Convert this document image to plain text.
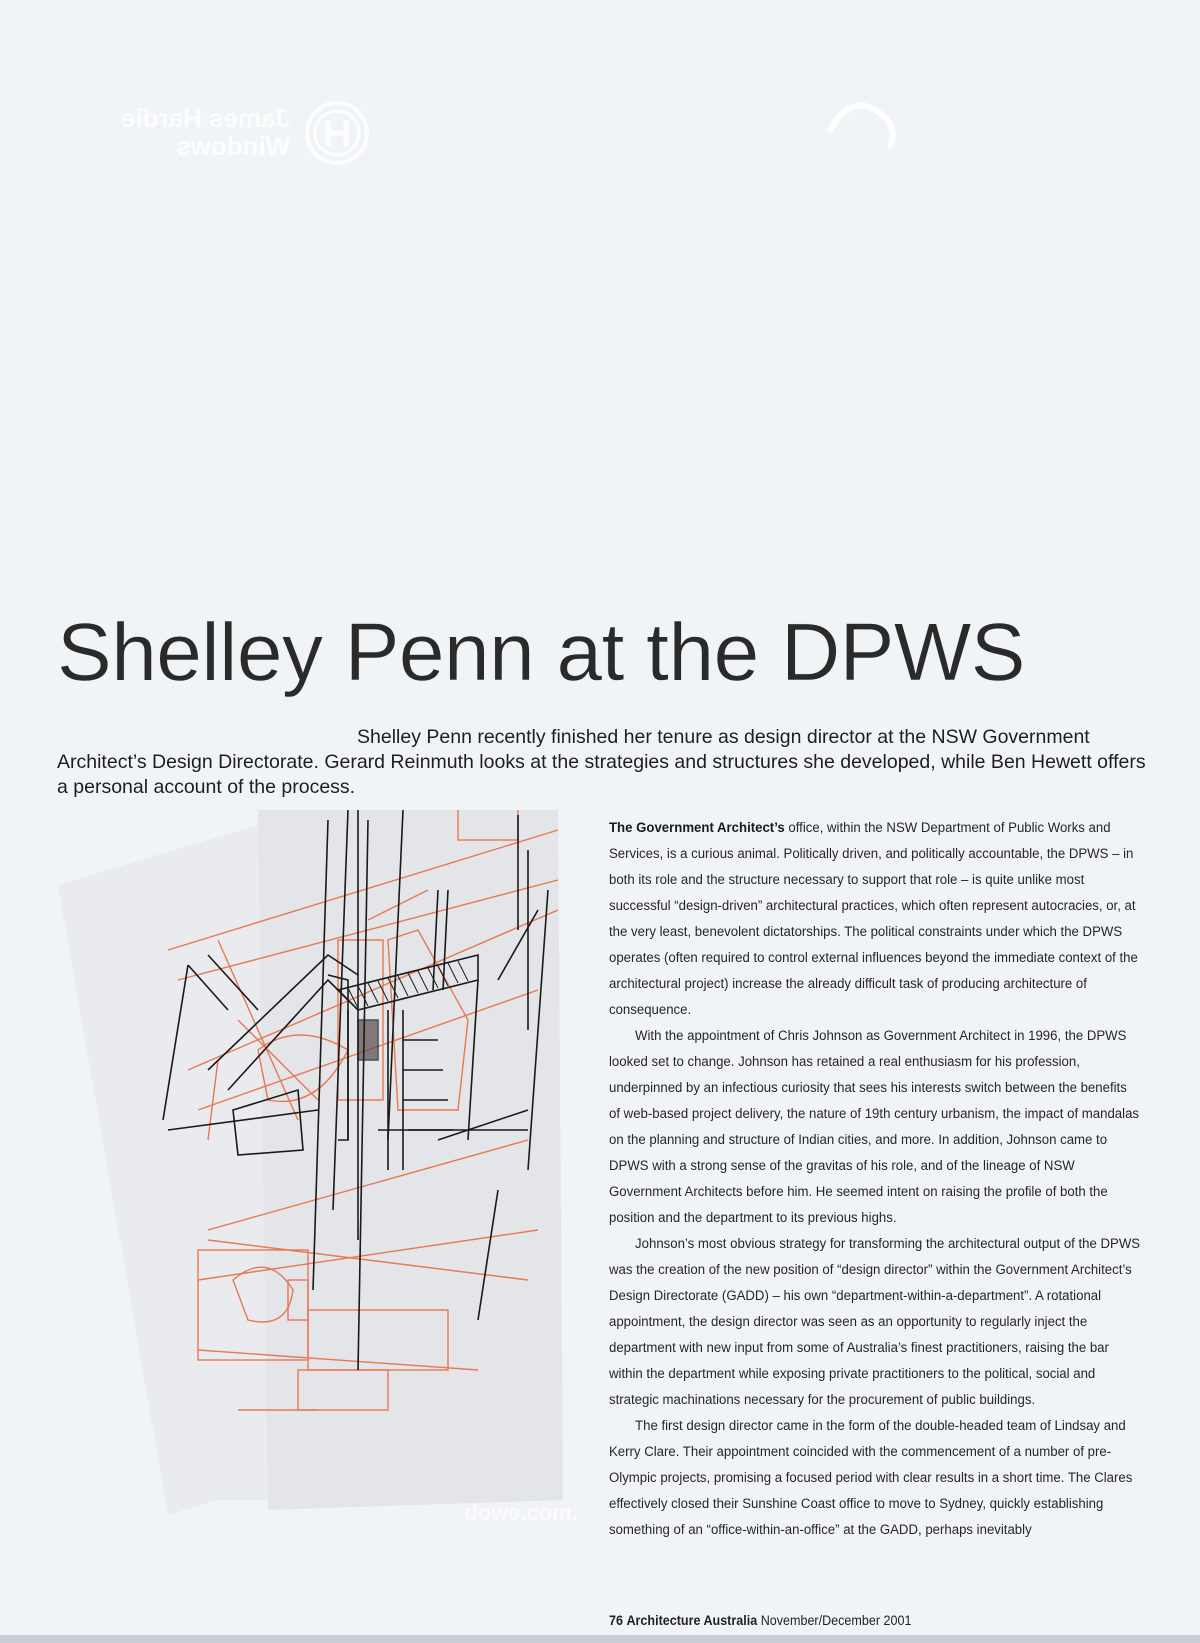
James Hardie
Windows
Shelley Penn at the DPWS

Shelley Penn recently finished her tenure as design director at the NSW Government Architect’s Design Directorate. Gerard Reinmuth looks at the strategies and structures she developed, while Ben Hewett offers a personal account of the process.

.moɔ.ewob

The Government Architect’s office, within the NSW Department of Public Works and Services, is a curious animal. Politically driven, and politically accountable, the DPWS – in both its role and the structure necessary to support that role – is quite unlike most successful “design-driven” architectural practices, which often represent autocracies, or, at the very least, benevolent dictatorships. The political constraints under which the DPWS operates (often required to control external influences beyond the immediate context of the architectural project) increase the already difficult task of producing architecture of consequence.

With the appointment of Chris Johnson as Government Architect in 1996, the DPWS looked set to change. Johnson has retained a real enthusiasm for his profession, underpinned by an infectious curiosity that sees his interests switch between the benefits of web-based project delivery, the nature of 19th century urbanism, the impact of mandalas on the planning and structure of Indian cities, and more. In addition, Johnson came to DPWS with a strong sense of the gravitas of his role, and of the lineage of NSW Government Architects before him. He seemed intent on raising the profile of both the position and the department to its previous highs.

Johnson’s most obvious strategy for transforming the architectural output of the DPWS was the creation of the new position of “design director” within the Government Architect’s Design Directorate (GADD) – his own “department-within-a-department”. A rotational appointment, the design director was seen as an opportunity to regularly inject the department with new input from some of Australia’s finest practitioners, raising the bar within the department while exposing private practitioners to the political, social and strategic machinations necessary for the procurement of public buildings.

The first design director came in the form of the double-headed team of Lindsay and Kerry Clare. Their appointment coincided with the commencement of a number of pre-Olympic projects, promising a focused period with clear results in a short time. The Clares effectively closed their Sunshine Coast office to move to Sydney, quickly establishing something of an “office-within-an-office” at the GADD, perhaps inevitably

76 Architecture Australia November/December 2001
